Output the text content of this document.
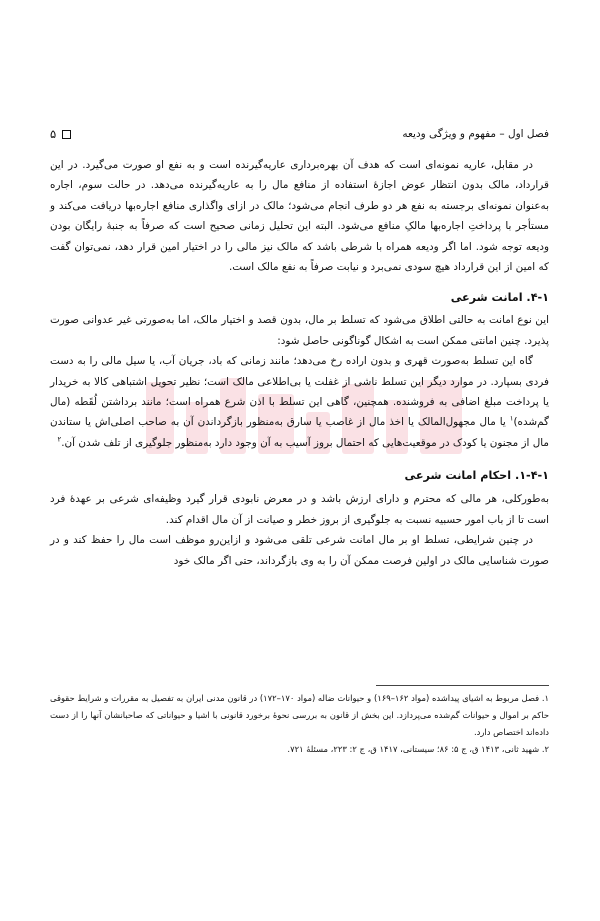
۵	فصل اول – مفهوم و ویژگی ودیعه

در مقابل، عاریه نمونه‌ای است که هدف آن بهره‌برداری عاریه‌گیرنده است و به نفع او صورت می‌گیرد. در این قرارداد، مالک بدون انتظار عوض اجازهٔ استفاده از منافع مال را به عاریه‌گیرنده می‌دهد. در حالت سوم، اجاره به‌عنوان نمونه‌ای برجسته به نفع هر دو طرف انجام می‌شود؛ مالک در ازای واگذاری منافع اجاره‌بها دریافت می‌کند و مستأجر با پرداختِ اجاره‌بها مالکِ منافع می‌شود. البته این تحلیل زمانی صحیح است که صرفاً به جنبهٔ رایگان بودن ودیعه توجه شود. اما اگر ودیعه همراه با شرطی باشد که مالک نیز مالی را در اختیار امین قرار دهد، نمی‌توان گفت که امین از این قرارداد هیچ سودی نمی‌برد و نیابت صرفاً به نفع مالک است.

۴-۱. امانت شرعی

این نوع امانت به حالتی اطلاق می‌شود که تسلط بر مال، بدون قصد و اختیار مالک، اما به‌صورتی غیر عدوانی صورت پذیرد. چنین امانتی ممکن است به اشکال گوناگونی حاصل شود:

گاه این تسلط به‌صورت قهری و بدون اراده رخ می‌دهد؛ مانند زمانی که باد، جریان آب، یا سیل مالی را به دست فردی بسپارد. در موارد دیگر این تسلط ناشی از غفلت یا بی‌اطلاعی مالک است؛ نظیر تحویل اشتباهی کالا به خریدار یا پرداخت مبلغ اضافی به فروشنده. همچنین، گاهی این تسلط با اذن شرع همراه است؛ مانند برداشتن لُقَطه (مال گم‌شده)$^۱$ یا مال مجهول‌المالک یا اخذ مال از غاصب یا سارق به‌منظور بازگرداندن آن به صاحب اصلی‌اش یا ستاندن مال از مجنون یا کودک در موقعیت‌هایی که احتمال بروز آسیب به آن وجود دارد به‌منظور جلوگیری از تلف شدن آن.$^۲$

۱-۴-۱. احکام امانت شرعی

به‌طورکلی، هر مالی که محترم و دارای ارزش باشد و در معرض نابودی قرار گیرد وظیفه‌ای شرعی بر عهدهٔ فرد است تا از باب امور حسبیه نسبت به جلوگیری از بروز خطر و صیانت از آن مال اقدام کند.

در چنین شرایطی، تسلط او بر مال امانت شرعی تلقی می‌شود و ازاین‌رو موظف است مال را حفظ کند و در صورت شناسایی مالک در اولین فرصت ممکن آن را به وی بازگرداند، حتی اگر مالک خود

۱. فصل مربوط به اشیای پیداشده (مواد ۱۶۲–۱۶۹) و حیوانات ضاله (مواد ۱۷۰–۱۷۲) در قانون مدنی ایران به تفصیل به مقررات و شرایط حقوقی حاکم بر اموال و حیوانات گم‌شده می‌پردازد. این بخش از قانون به بررسی نحوهٔ برخورد قانونی با اشیا و حیواناتی که صاحبانشان آنها را از دست داده‌اند اختصاص دارد.

۲. شهید ثانی، ۱۴۱۳ ق، ج ۵: ۸۶؛ سیستانی، ۱۴۱۷ ق، ج ۲: ۲۲۳، مسئلهٔ ۷۲۱.
